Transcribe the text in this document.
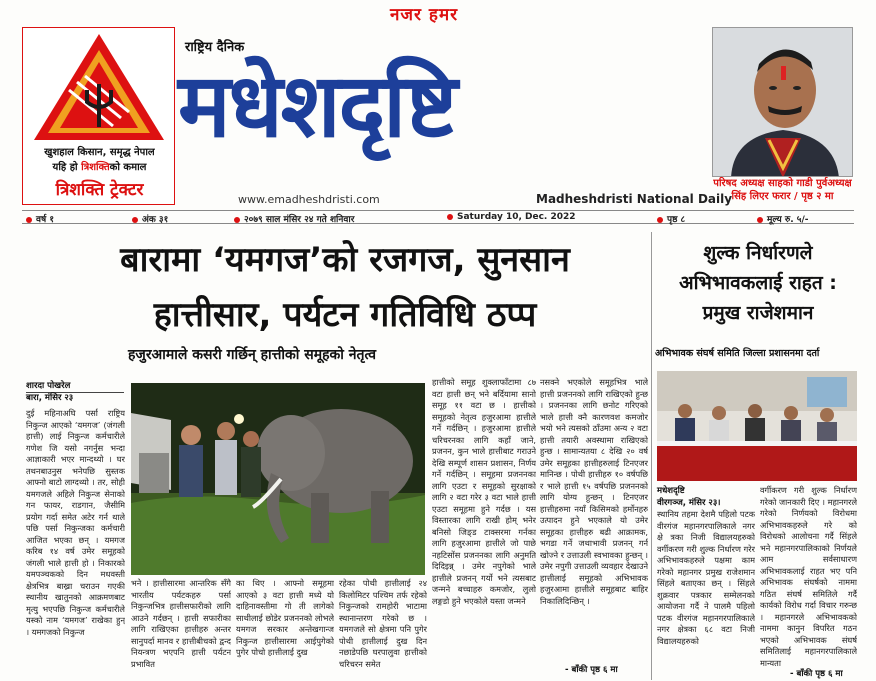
खुशहाल किसान, समृद्ध नेपाल
यहि हो त्रिशक्तिको कमाल
त्रिशक्ति ट्रेक्टर
नजर हमर
राष्ट्रिय दैनिक
मधेशदृष्टि
www.emadheshdristi.com	Madheshdristi National Daily
परिषद अध्यक्ष साहको गाडी पुर्वअध्यक्ष
सिंह लिएर फरार / पृष्ठ २ मा
वर्ष १	अंक ३१	२०७९ साल मंसिर २४ गते शनिवार	Saturday 10, Dec. 2022	पृष्ठ ८	मूल्य रु. ५/-
बारामा ‘यमगज’को रजगज, सुनसान
हात्तीसार, पर्यटन गतिविधि ठप्प
हजुरआमाले कसरी गर्छिन् हात्तीको समूहको नेतृत्व
शारदा पोखरेल
बारा, मंसिर २३
दुई महिनाअघि पर्सा राष्ट्रिय निकुन्ज आएको ‘यमगज’ (जंगली हात्ती) लाई निकुन्ज कर्मचारीले गणेश जि यसो नगर्नुस भन्दा आज्ञाकारी भएर मान्दथ्यो । घर तथनबाउनुस भनेपछि सुस्तक आफ्नो बाटो लाग्दथ्यो । तर, सोही यमगजले अहिले निकुन्ज सेनाको गन फायर, राडगान, जैसीमि प्रयोग गर्दा समेत अटेर गर्न थाले पछि पर्सा निकुन्जका कर्मचारी आजित भएका छन् । यमगज करिब १४ वर्ष उमेर समूहको जंगली भाले हात्ती हो । निकारको यमपञ्चकको दिन मधवस्ती क्षेत्रभित्र बाख्रा चराउन गएकी स्थानीय खातुनको आक्रमणबाट मृत्यु भएपछि निकुन्ज कर्मचारीले यस्को नाम ‘यमगज’ राखेका हुन् । यमगजको निकुन्ज
भने । हात्तीसारमा आन्तरिक सँगै भारतीय पर्यटकहरु पर्सा निकुन्जभित्र हात्तीसफारीको लागि आउने गर्दछन् । हात्ती सफारीका लागि राखिएका हात्तीहरु अन्तर सानुपर्दा मानव र हात्तीबीचको द्वन्द नियन्त्रण भएपनि हात्ती पर्यटन प्रभावित
का थिए । आफ्नो समूहमा आएको ३ वटा हात्ती मध्ये यो दाहिनावस्तीमा गो ती लागेको साथीलाई छोडेर प्रजननको लोभले यमगज सरकार अन्तेखगान्ज निकुन्ज हात्तीसारमा आईपुगेको पुगेर पोचो हात्तीलाई दुख
रहेका पोथी हात्तीलाई २४ किलोमिटर पश्चिम तर्फ रहेको निकुन्जको रामहोरी भाटामा स्थानान्तरण गरेको छ । यमगजले सो क्षेत्रमा पनि पुगेर पोथी हात्तीलाई दुख दिन नछाडेपछि घरपालुवा हात्तीको चरिचरन समेत
हात्तीको समूह शुक्लाफाँटामा ८७ वटा हात्ती छन् भने बर्दियामा सानो समूह ११ वटा छ । हात्तीको समूहको नेतृत्व हजुरआमा हात्तीले गर्ने गर्दछिन् । हजुरआमा हात्तीले चरिचरनका लागि कहाँ जाने, प्रजनन, कुन भाले हात्तीबाट गराउने देखि सम्पूर्ण शासन प्रशासन, निर्णय गर्ने गर्दछिन् । समूहमा प्रजननका लागि एउटा र समूहको सुरक्षाको लागि २ वटा गरेर ३ वटा भाले हात्ती एउटा समूहमा हुने गर्दछ । यस विस्तारका लागि राखी होम् भनेर बनिसो जिङ्ड टाक्सरमा गर्नका लागि हजुरआमा हात्तीले जो पाछे नहटिसोंस प्रजननका लागि अनुमति दिदिइन्न् । उमेर नपुगेको भाले हात्तीले प्रजनन् गर्यो भने त्यसबाट जन्मने बच्चाहरु कमजोर, लुलो लङ्गडो हुने भएकोले यस्ता जन्मने
नसक्ने भएकोले समूहभित्र भाले हात्ती प्रजननको लागि राखिएको हुन्छ । प्रजननका लागि छनोट गरिएको भाले हात्ती क्नै कारणवश कमजोर भयो भने त्यसको ठाँउमा अन्य २ वटा हात्ती तयारी अवस्थामा राखिएको हुन्छ । सामान्यतया ८ देखि २० वर्ष उमेर समूहका हात्तीहरुलाई टिनएजर मानिन्छ । पोथी हात्तीहरु १० वर्षपछि र भाले हात्ती १५ वर्षपछि प्रजननको लागि योग्य हुन्छन् । टिनएजर हात्तीहरुमा नयाँ किसिमको हर्मोनहरु उत्पादन हुने भएकाले यो उमेर समूहका हात्तीहरु बढी आक्रामक, भगडा गर्ने जथाभावी प्रजनन् गर्न खोज्ने र उत्ताउली स्वभावका हुन्छन् । उमेर नपुगी उत्ताउली व्यवहार देखाउने हात्तीलाई समूहको अभिभावक हजुरआमा हात्तीले समूहबाट बाहिर निकालिदिन्छिन् ।
- बाँकी पृष्ठ ६ मा
शुल्क निर्धारणले अभिभावकलाई राहत : प्रमुख राजेशमान
अभिभावक संघर्ष समिति जिल्ला प्रशासनमा दर्ता
मधेशदृष्टि
वीरगञ्ज, मंसिर २३।
स्थानिय तहमा देशमै पहिलो पटक वीरगंज महानगरपालिकाले नगर क्षे त्रका निजी विद्यालयहरुको वर्गीकरण गरी शुल्क निर्धारण गरेर अभिभावकहरुले पक्षमा काम गरेको महानगर प्रमुख राजेशमान सिंहले बताएका छन् । सिंहले शुक्रवार पत्रकार सम्मेलनको आयोजना गर्दै ने पालमै पहिलो पटक वीरगंज महानगरपालिकाले नगर क्षेत्रका ६८ वटा निजी विद्यालयहरुको
वर्गीकरण गरी शुल्क निर्धारण गरेको जानकारी दिए । महानगरले गरेको निर्णयको विरोधमा अभिभावकहरुले गरे को विरोधको आलोचना गर्दै सिंहले भने महानगरपालिकाको निर्णयले आम सर्वसाधारण अभिभावकलाई राहत भए पनि अभिभावक संघर्षको नाममा गठित संघर्ष समितिले गर्दै कार्यको विरोध गर्दा विचार गरुन्छ । महानगरले अभिभावकको नाममा कानुन विपरित गठन भएको अभिभावक संघर्ष समितिलाई महानगरपालिकाले मान्यता
- बाँकी पृष्ठ ६ मा
